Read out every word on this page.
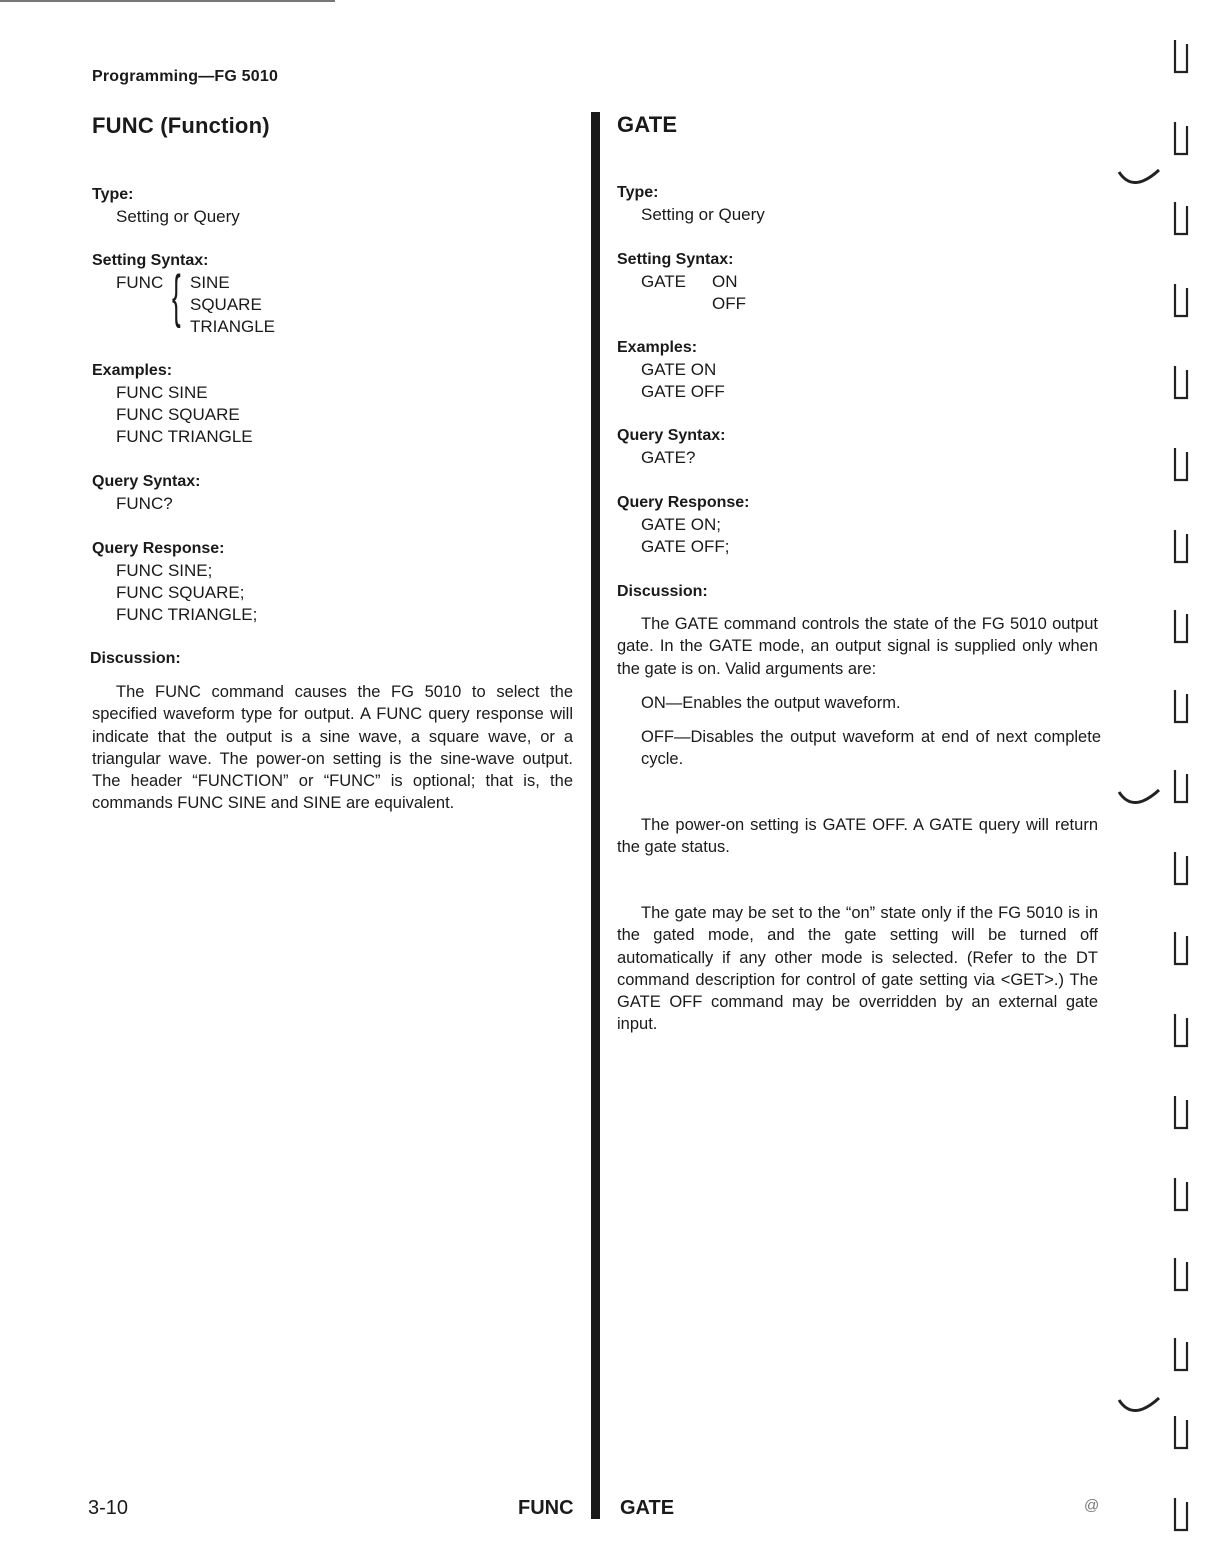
Programming—FG 5010
FUNC (Function)
Type:
Setting or Query
Setting Syntax:
FUNC { SINE
SQUARE
TRIANGLE
Examples:
FUNC SINE
FUNC SQUARE
FUNC TRIANGLE
Query Syntax:
FUNC?
Query Response:
FUNC SINE;
FUNC SQUARE;
FUNC TRIANGLE;
Discussion:

The FUNC command causes the FG 5010 to select the specified waveform type for output. A FUNC query response will indicate that the output is a sine wave, a square wave, or a triangular wave. The power-on setting is the sine-wave output. The header “FUNCTION” or “FUNC” is optional; that is, the commands FUNC SINE and SINE are equivalent.

GATE
Type:
Setting or Query
Setting Syntax:
GATE ON
OFF
Examples:
GATE ON
GATE OFF
Query Syntax:
GATE?
Query Response:
GATE ON;
GATE OFF;
Discussion:

The GATE command controls the state of the FG 5010 output gate. In the GATE mode, an output signal is supplied only when the gate is on. Valid arguments are:

ON—Enables the output waveform.
OFF—Disables the output waveform at end of next complete cycle.

The power-on setting is GATE OFF. A GATE query will return the gate status.

The gate may be set to the “on” state only if the FG 5010 is in the gated mode, and the gate setting will be turned off automatically if any other mode is selected. (Refer to the DT command description for control of gate setting via <GET>.) The GATE OFF command may be overridden by an external gate input.

3-10	FUNC GATE	@
